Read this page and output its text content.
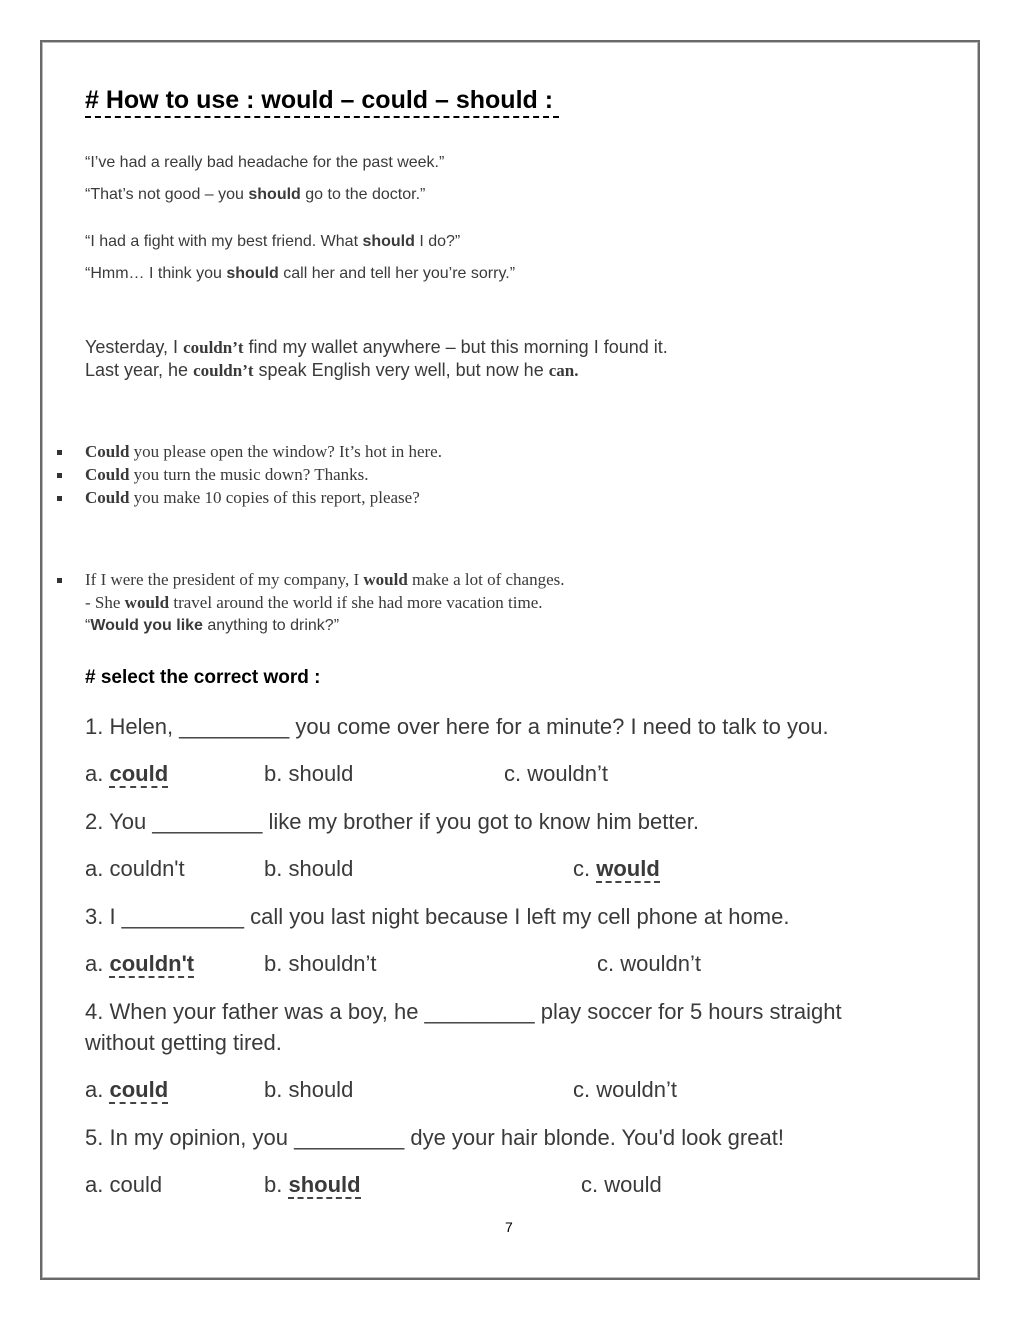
# How to use : would – could – should :
“I’ve had a really bad headache for the past week.”
“That’s not good – you should go to the doctor.”
“I had a fight with my best friend. What should I do?”
“Hmm… I think you should call her and tell her you’re sorry.”
Yesterday, I couldn’t find my wallet anywhere – but this morning I found it.
Last year, he couldn’t speak English very well, but now he can.
Could you please open the window? It’s hot in here.
Could you turn the music down? Thanks.
Could you make 10 copies of this report, please?
If I were the president of my company, I would make a lot of changes.
- She would travel around the world if she had more vacation time.
“Would you like anything to drink?”
# select the correct word :
1. Helen, _________ you come over here for a minute? I need to talk to you.
a. could	b. should	c. wouldn’t
2. You _________ like my brother if you got to know him better.
a. couldn't	b. should	c. would
3. I __________ call you last night because I left my cell phone at home.
a. couldn't	b. shouldn’t	c. wouldn’t
4. When your father was a boy, he _________ play soccer for 5 hours straight
without getting tired.
a. could	b. should	c. wouldn’t
5. In my opinion, you _________ dye your hair blonde. You'd look great!
a. could	b. should	c. would
7
